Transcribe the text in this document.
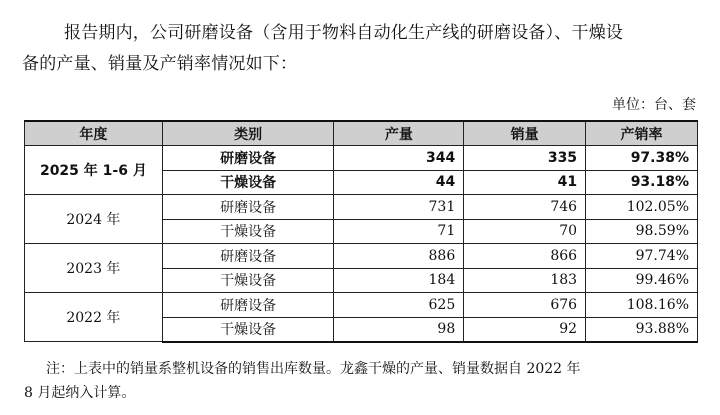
报告期内，公司研磨设备（含用于物料自动化生产线的研磨设备）、干燥设
备的产量、销量及产销率情况如下：
单位：台、套
年度	类别	产量	销量	产销率
2025 年 1-6 月	研磨设备	344	335	97.38%
	干燥设备	44	41	93.18%
2024 年	研磨设备	731	746	102.05%
	干燥设备	71	70	98.59%
2023 年	研磨设备	886	866	97.74%
	干燥设备	184	183	99.46%
2022 年	研磨设备	625	676	108.16%
	干燥设备	98	92	93.88%
注：上表中的销量系整机设备的销售出库数量。龙鑫干燥的产量、销量数据自 2022 年
8 月起纳入计算。
